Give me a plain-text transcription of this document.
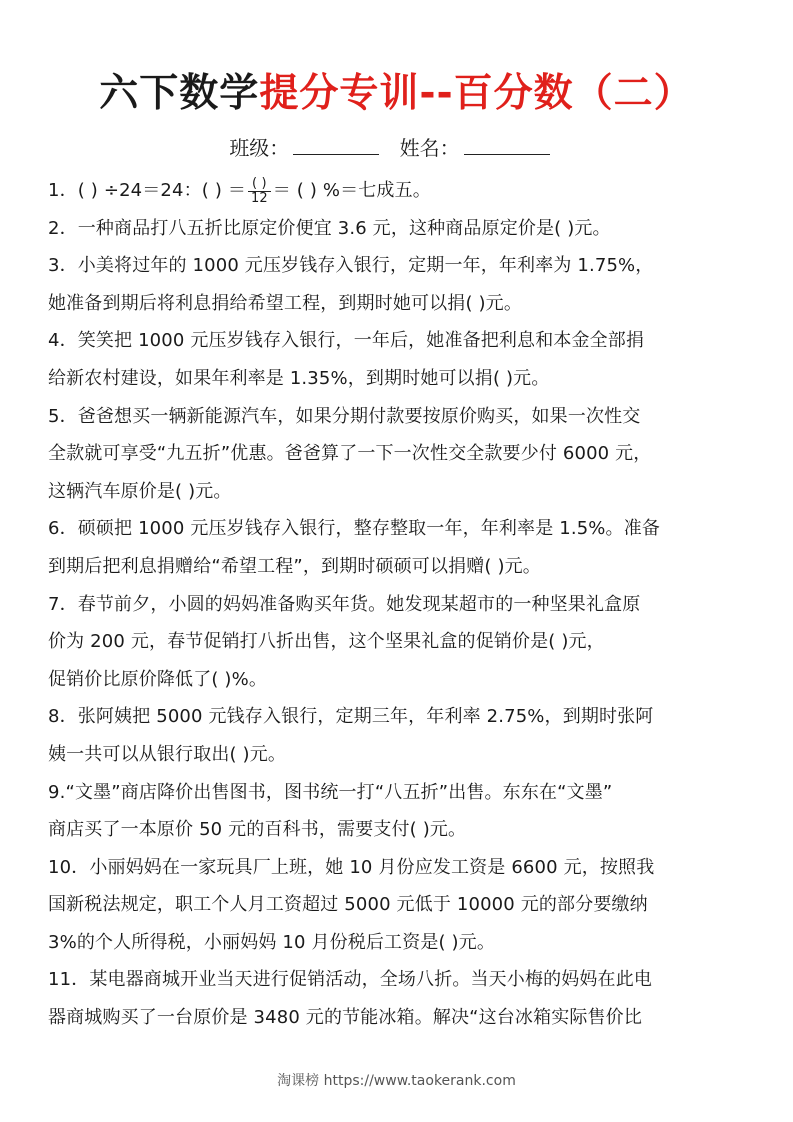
六下数学提分专训--百分数（二）
班级：	姓名：

1．( ) ÷24＝24：( ) ＝ $\frac{( )}{12}$ ＝ ( ) %＝七成五。

2．一种商品打八五折比原定价便宜 3.6 元，这种商品原定价是( )元。

3．小美将过年的 1000 元压岁钱存入银行，定期一年，年利率为 1.75%，

她准备到期后将利息捐给希望工程，到期时她可以捐( )元。

4．笑笑把 1000 元压岁钱存入银行，一年后，她准备把利息和本金全部捐

给新农村建设，如果年利率是 1.35%，到期时她可以捐( )元。

5．爸爸想买一辆新能源汽车，如果分期付款要按原价购买，如果一次性交

全款就可享受“九五折”优惠。爸爸算了一下一次性交全款要少付 6000 元，

这辆汽车原价是( )元。

6．硕硕把 1000 元压岁钱存入银行，整存整取一年，年利率是 1.5%。准备

到期后把利息捐赠给“希望工程”，到期时硕硕可以捐赠( )元。

7．春节前夕，小圆的妈妈准备购买年货。她发现某超市的一种坚果礼盒原

价为 200 元，春节促销打八折出售，这个坚果礼盒的促销价是( )元，

促销价比原价降低了( )%。

8．张阿姨把 5000 元钱存入银行，定期三年，年利率 2.75%，到期时张阿

姨一共可以从银行取出( )元。

9.“文墨”商店降价出售图书，图书统一打“八五折”出售。东东在“文墨”

商店买了一本原价 50 元的百科书，需要支付( )元。

10．小丽妈妈在一家玩具厂上班，她 10 月份应发工资是 6600 元，按照我

国新税法规定，职工个人月工资超过 5000 元低于 10000 元的部分要缴纳

3%的个人所得税，小丽妈妈 10 月份税后工资是( )元。

11．某电器商城开业当天进行促销活动，全场八折。当天小梅的妈妈在此电

器商城购买了一台原价是 3480 元的节能冰箱。解决“这台冰箱实际售价比

淘课榜 https://www.taokerank.com
